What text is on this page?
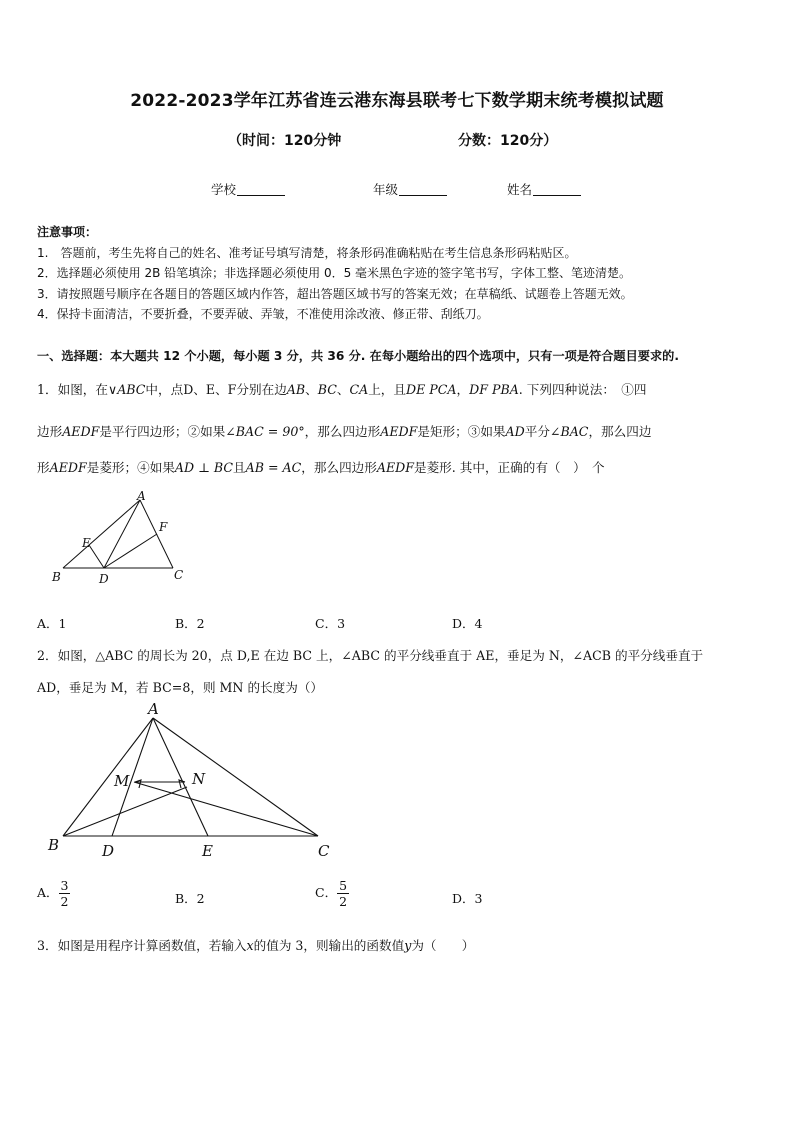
2022-2023学年江苏省连云港东海县联考七下数学期末统考模拟试题
（时间：120分钟	分数：120分）
学校	年级	姓名
注意事项：
1.　答题前，考生先将自己的姓名、准考证号填写清楚，将条形码准确粘贴在考生信息条形码粘贴区。
2．选择题必须使用 2B 铅笔填涂；非选择题必须使用 0．5 毫米黑色字迹的签字笔书写，字体工整、笔迹清楚。
3．请按照题号顺序在各题目的答题区域内作答，超出答题区域书写的答案无效；在草稿纸、试题卷上答题无效。
4．保持卡面清洁，不要折叠，不要弄破、弄皱，不准使用涂改液、修正带、刮纸刀。
一、选择题：本大题共 12 个小题，每小题 3 分，共 36 分. 在每小题给出的四个选项中，只有一项是符合题目要求的.
1．如图，在∨ABC中，点D、E、F分别在边AB、BC、CA上，且DE PCA，DF PBA. 下列四种说法：　 ①四
边形AEDF是平行四边形；②如果∠BAC = 90°，那么四边形AEDF是矩形；③如果AD平分∠BAC，那么四边
形AEDF是菱形；④如果AD ⊥ BC且AB = AC，那么四边形AEDF是菱形. 其中，正确的有（　）　个
A
B	C
D
E
F
A．1	B．2	C．3	D．4
2．如图，△ABC 的周长为 20，点 D,E 在边 BC 上，∠ABC 的平分线垂直于 AE，垂足为 N，∠ACB 的平分线垂直于
AD，垂足为 M，若 BC=8，则 MN 的长度为（）
A
B	C
D	E
M	N
A． $\frac{3}{2}$	B．2	C． $\frac{5}{2}$	D．3
3．如图是用程序计算函数值，若输入x的值为 3，则输出的函数值y为（　　）
